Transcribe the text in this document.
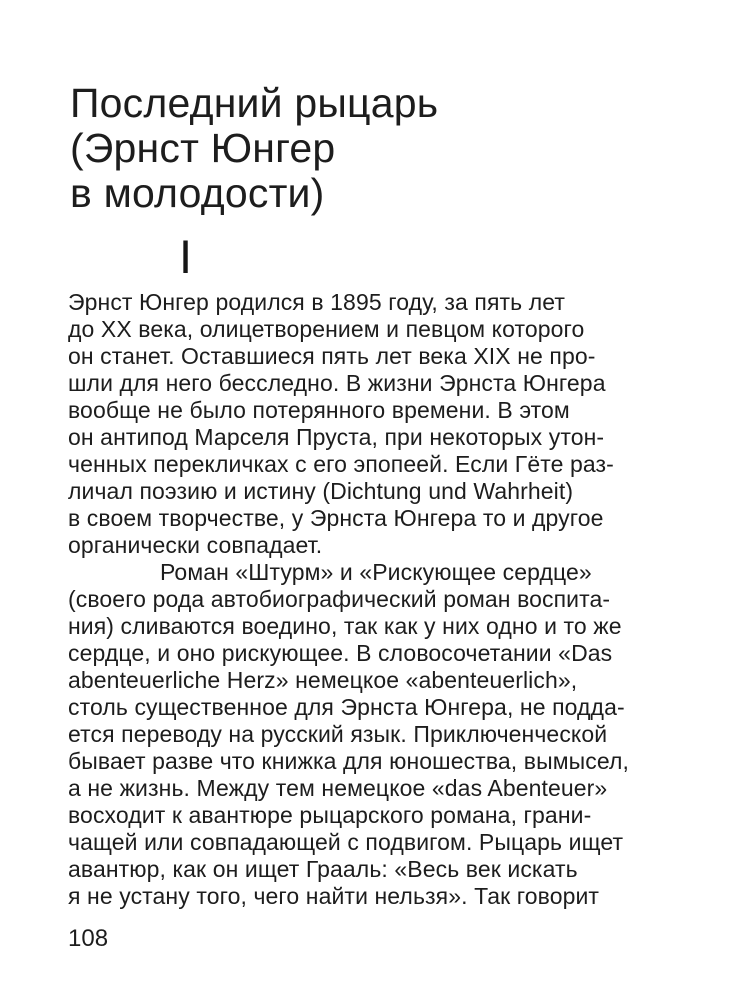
Последний рыцарь
(Эрнст Юнгер
в молодости)
I

Эрнст Юнгер родился в 1895 году, за пять лет
до XX века, олицетворением и певцом которого
он станет. Оставшиеся пять лет века XIX не про-
шли для него бесследно. В жизни Эрнста Юнгера
вообще не было потерянного времени. В этом
он антипод Марселя Пруста, при некоторых утон-
ченных перекличках с его эпопеей. Если Гёте раз-
личал поэзию и истину (Dichtung und Wahrheit)
в своем творчестве, у Эрнста Юнгера то и другое
органически совпадает.

Роман «Штурм» и «Рискующее сердце»
(своего рода автобиографический роман воспита-
ния) сливаются воедино, так как у них одно и то же
сердце, и оно рискующее. В словосочетании «Das
abenteuerliche Herz» немецкое «abenteuerlich»,
столь существенное для Эрнста Юнгера, не подда-
ется переводу на русский язык. Приключенческой
бывает разве что книжка для юношества, вымысел,
а не жизнь. Между тем немецкое «das Abenteuer»
восходит к авантюре рыцарского романа, грани-
чащей или совпадающей с подвигом. Рыцарь ищет
авантюр, как он ищет Грааль: «Весь век искать
я не устану того, чего найти нельзя». Так говорит

108
